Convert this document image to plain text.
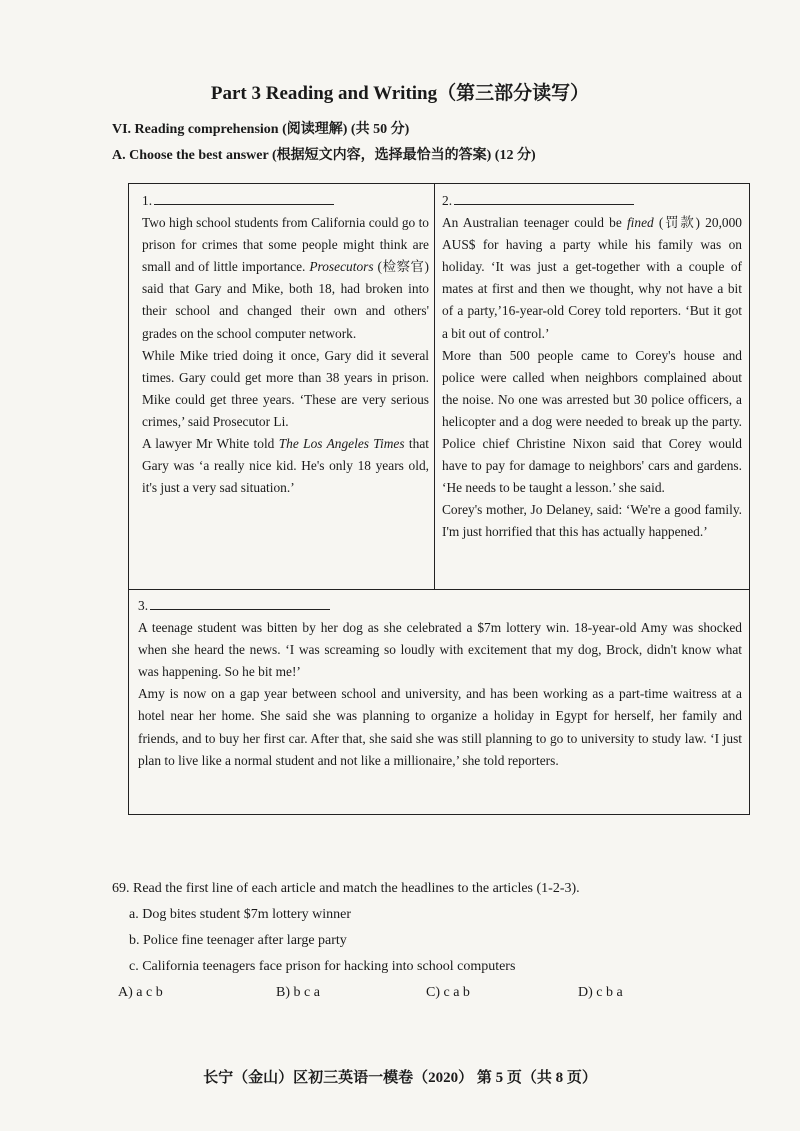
Part 3 Reading and Writing（第三部分读写）
VI. Reading comprehension (阅读理解) (共 50 分)
A. Choose the best answer (根据短文内容，选择最恰当的答案) (12 分)

1.

Two high school students from California could go to prison for crimes that some people might think are small and of little importance. Prosecutors (检察官) said that Gary and Mike, both 18, had broken into their school and changed their own and others' grades on the school computer network.

While Mike tried doing it once, Gary did it several times. Gary could get more than 38 years in prison. Mike could get three years. ‘These are very serious crimes,’ said Prosecutor Li.

A lawyer Mr White told The Los Angeles Times that Gary was ‘a really nice kid. He's only 18 years old, it's just a very sad situation.’

2.

An Australian teenager could be fined (罚款) 20,000 AUS$ for having a party while his family was on holiday. ‘It was just a get-together with a couple of mates at first and then we thought, why not have a bit of a party,’16-year-old Corey told reporters. ‘But it got a bit out of control.’

More than 500 people came to Corey's house and police were called when neighbors complained about the noise. No one was arrested but 30 police officers, a helicopter and a dog were needed to break up the party. Police chief Christine Nixon said that Corey would have to pay for damage to neighbors' cars and gardens. ‘He needs to be taught a lesson.’ she said.

Corey's mother, Jo Delaney, said: ‘We're a good family. I'm just horrified that this has actually happened.’

3.

A teenage student was bitten by her dog as she celebrated a $7m lottery win. 18-year-old Amy was shocked when she heard the news. ‘I was screaming so loudly with excitement that my dog, Brock, didn't know what was happening. So he bit me!’

Amy is now on a gap year between school and university, and has been working as a part-time waitress at a hotel near her home. She said she was planning to organize a holiday in Egypt for herself, her family and friends, and to buy her first car. After that, she said she was still planning to go to university to study law. ‘I just plan to live like a normal student and not like a millionaire,’ she told reporters.

69. Read the first line of each article and match the headlines to the articles (1-2-3).

a. Dog bites student $7m lottery winner

b. Police fine teenager after large party

c. California teenagers face prison for hacking into school computers

A) a c b	B) b c a	C) c a b	D) c b a
长宁（金山）区初三英语一模卷（2020） 第 5 页（共 8 页）
